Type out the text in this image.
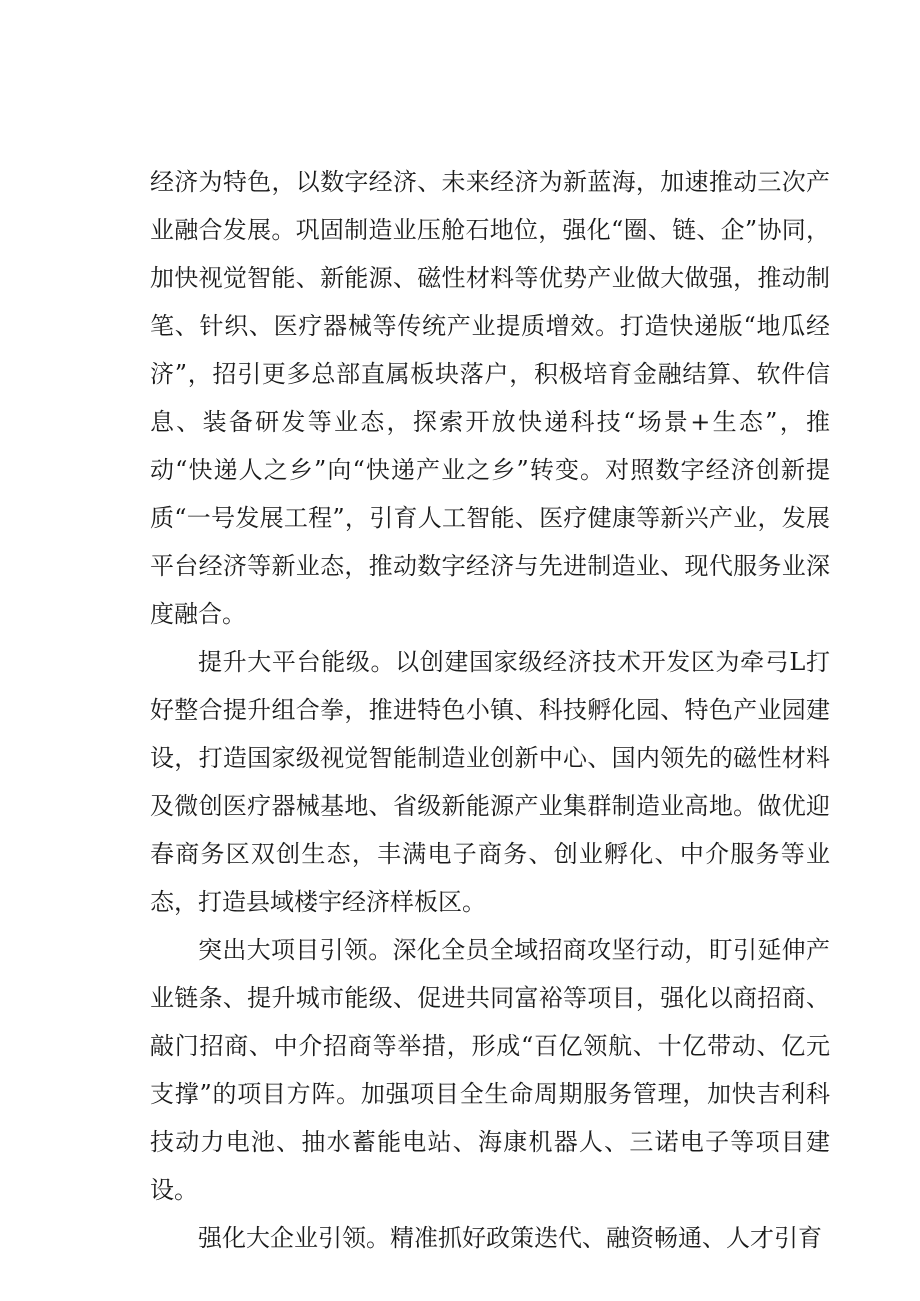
经济为特色，以数字经济、未来经济为新蓝海，加速推动三次产业融合发展。巩固制造业压舱石地位，强化“圈、链、企”协同，加快视觉智能、新能源、磁性材料等优势产业做大做强，推动制笔、针织、医疗器械等传统产业提质增效。打造快递版“地瓜经济”，招引更多总部直属板块落户，积极培育金融结算、软件信息、装备研发等业态，探索开放快递科技“场景+生态”，推动“快递人之乡”向“快递产业之乡”转变。对照数字经济创新提质“一号发展工程”，引育人工智能、医疗健康等新兴产业，发展平台经济等新业态，推动数字经济与先进制造业、现代服务业深度融合。

提升大平台能级。以创建国家级经济技术开发区为牵弓L打好整合提升组合拳，推进特色小镇、科技孵化园、特色产业园建设，打造国家级视觉智能制造业创新中心、国内领先的磁性材料及微创医疗器械基地、省级新能源产业集群制造业高地。做优迎春商务区双创生态，丰满电子商务、创业孵化、中介服务等业态，打造县域楼宇经济样板区。

突出大项目引领。深化全员全域招商攻坚行动，盯引延伸产业链条、提升城市能级、促进共同富裕等项目，强化以商招商、敲门招商、中介招商等举措，形成“百亿领航、十亿带动、亿元支撑”的项目方阵。加强项目全生命周期服务管理，加快吉利科技动力电池、抽水蓄能电站、海康机器人、三诺电子等项目建设。

强化大企业引领。精准抓好政策迭代、融资畅通、人才引育
